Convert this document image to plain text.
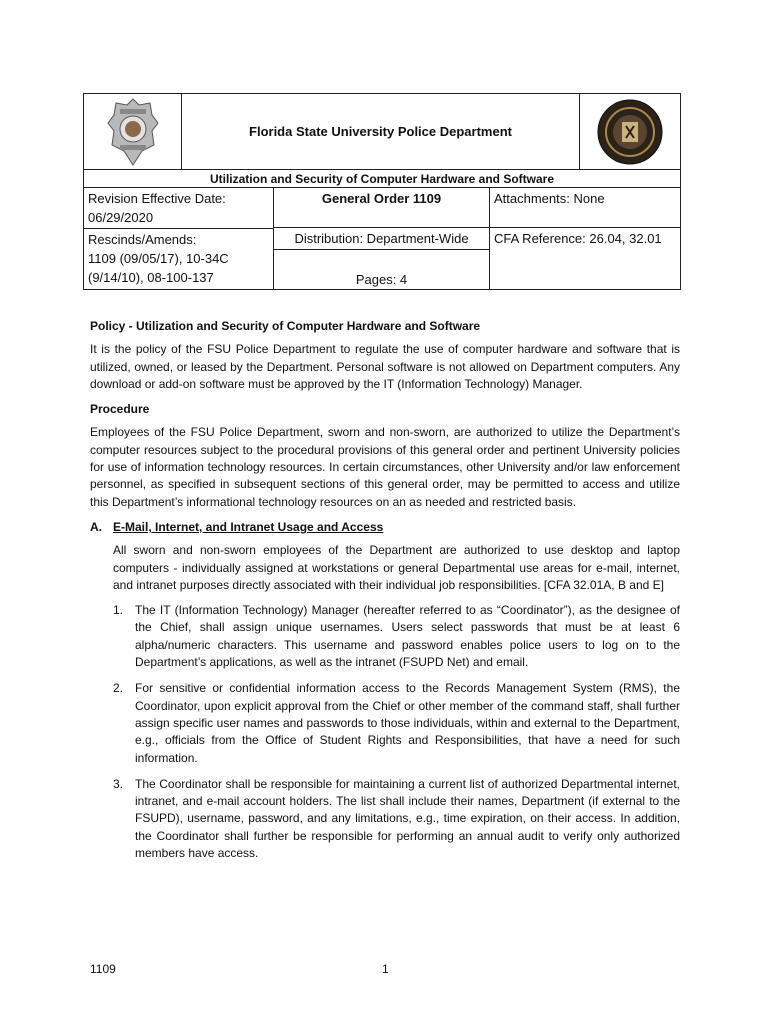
Florida State University Police Department
Utilization and Security of Computer Hardware and Software
Revision Effective Date:
06/29/2020
General Order 1109	Attachments: None
Rescinds/Amends:
1109 (09/05/17), 10-34C
(9/14/10), 08-100-137
Distribution: Department-Wide
Pages: 4
CFA Reference: 26.04, 32.01
Policy - Utilization and Security of Computer Hardware and Software

It is the policy of the FSU Police Department to regulate the use of computer hardware and software that is utilized, owned, or leased by the Department. Personal software is not allowed on Department computers. Any download or add-on software must be approved by the IT (Information Technology) Manager.

Procedure

Employees of the FSU Police Department, sworn and non-sworn, are authorized to utilize the Department’s computer resources subject to the procedural provisions of this general order and pertinent University policies for use of information technology resources. In certain circumstances, other University and/or law enforcement personnel, as specified in subsequent sections of this general order, may be permitted to access and utilize this Department’s informational technology resources on an as needed and restricted basis.

A. E-Mail, Internet, and Intranet Usage and Access

All sworn and non-sworn employees of the Department are authorized to use desktop and laptop computers - individually assigned at workstations or general Departmental use areas for e-mail, internet, and intranet purposes directly associated with their individual job responsibilities. [CFA 32.01A, B and E]

1. The IT (Information Technology) Manager (hereafter referred to as “Coordinator”), as the designee of the Chief, shall assign unique usernames. Users select passwords that must be at least 6 alpha/numeric characters. This username and password enables police users to log on to the Department’s applications, as well as the intranet (FSUPD Net) and email.
2. For sensitive or confidential information access to the Records Management System (RMS), the Coordinator, upon explicit approval from the Chief or other member of the command staff, shall further assign specific user names and passwords to those individuals, within and external to the Department, e.g., officials from the Office of Student Rights and Responsibilities, that have a need for such information.
3. The Coordinator shall be responsible for maintaining a current list of authorized Departmental internet, intranet, and e-mail account holders. The list shall include their names, Department (if external to the FSUPD), username, password, and any limitations, e.g., time expiration, on their access. In addition, the Coordinator shall further be responsible for performing an annual audit to verify only authorized members have access.
1109	1
